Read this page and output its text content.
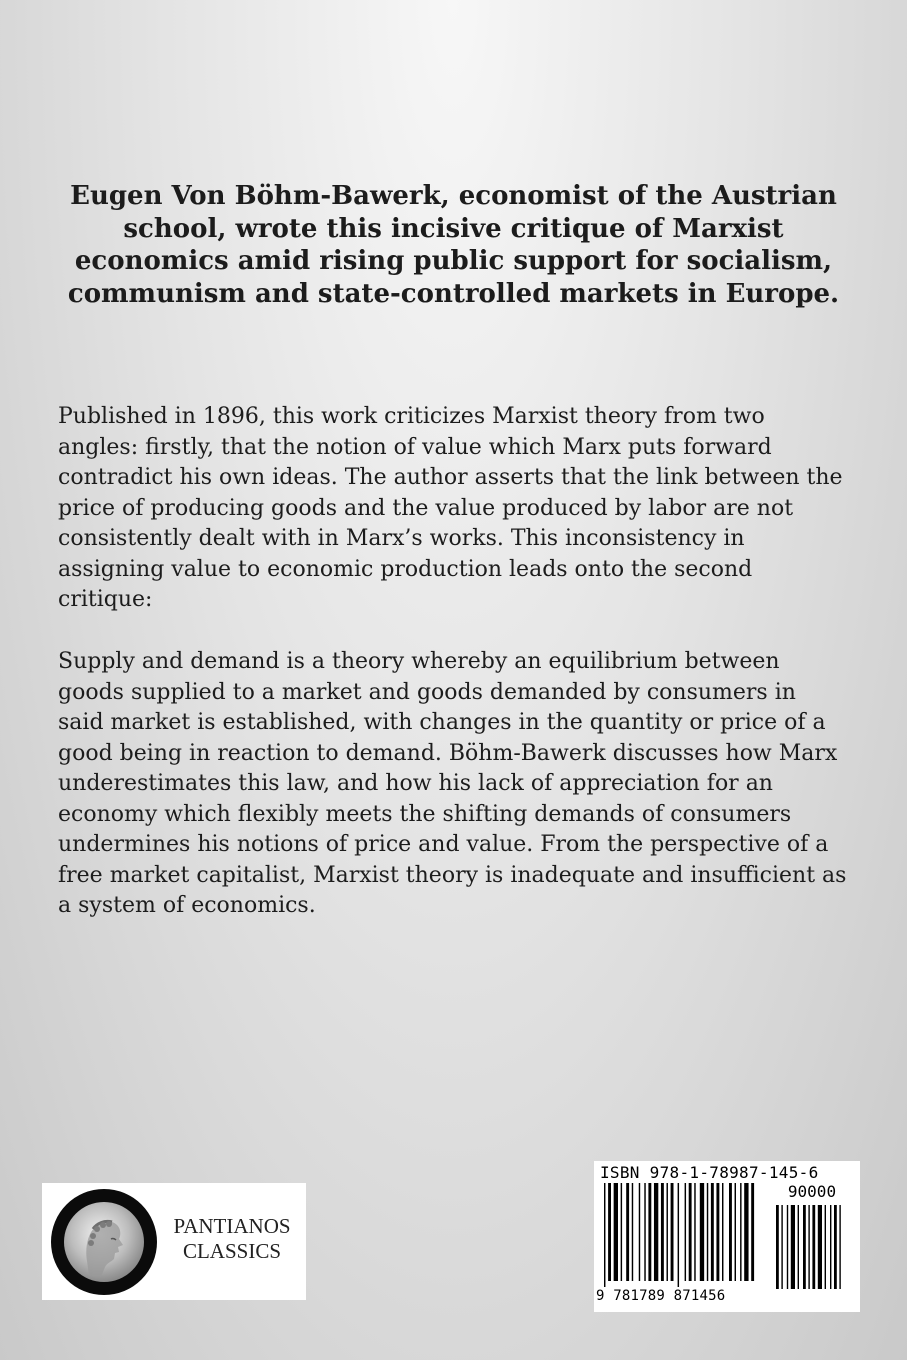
Eugen Von Böhm-Bawerk, economist of the Austrian school, wrote this incisive critique of Marxist economics amid rising public support for socialism, communism and state-controlled markets in Europe.

Published in 1896, this work criticizes Marxist theory from two angles: firstly, that the notion of value which Marx puts forward contradict his own ideas. The author asserts that the link between the price of producing goods and the value produced by labor are not consistently dealt with in Marx’s works. This inconsistency in assigning value to economic production leads onto the second critique:

Supply and demand is a theory whereby an equilibrium between goods supplied to a market and goods demanded by consumers in said market is established, with changes in the quantity or price of a good being in reaction to demand. Böhm-Bawerk discusses how Marx underestimates this law, and how his lack of appreciation for an economy which flexibly meets the shifting demands of consumers undermines his notions of price and value. From the perspective of a free market capitalist, Marxist theory is inadequate and insufficient as a system of economics.

PANTIANOS
CLASSICS
ISBN 978-1-78987-145-6
90000
9 781789 871456
